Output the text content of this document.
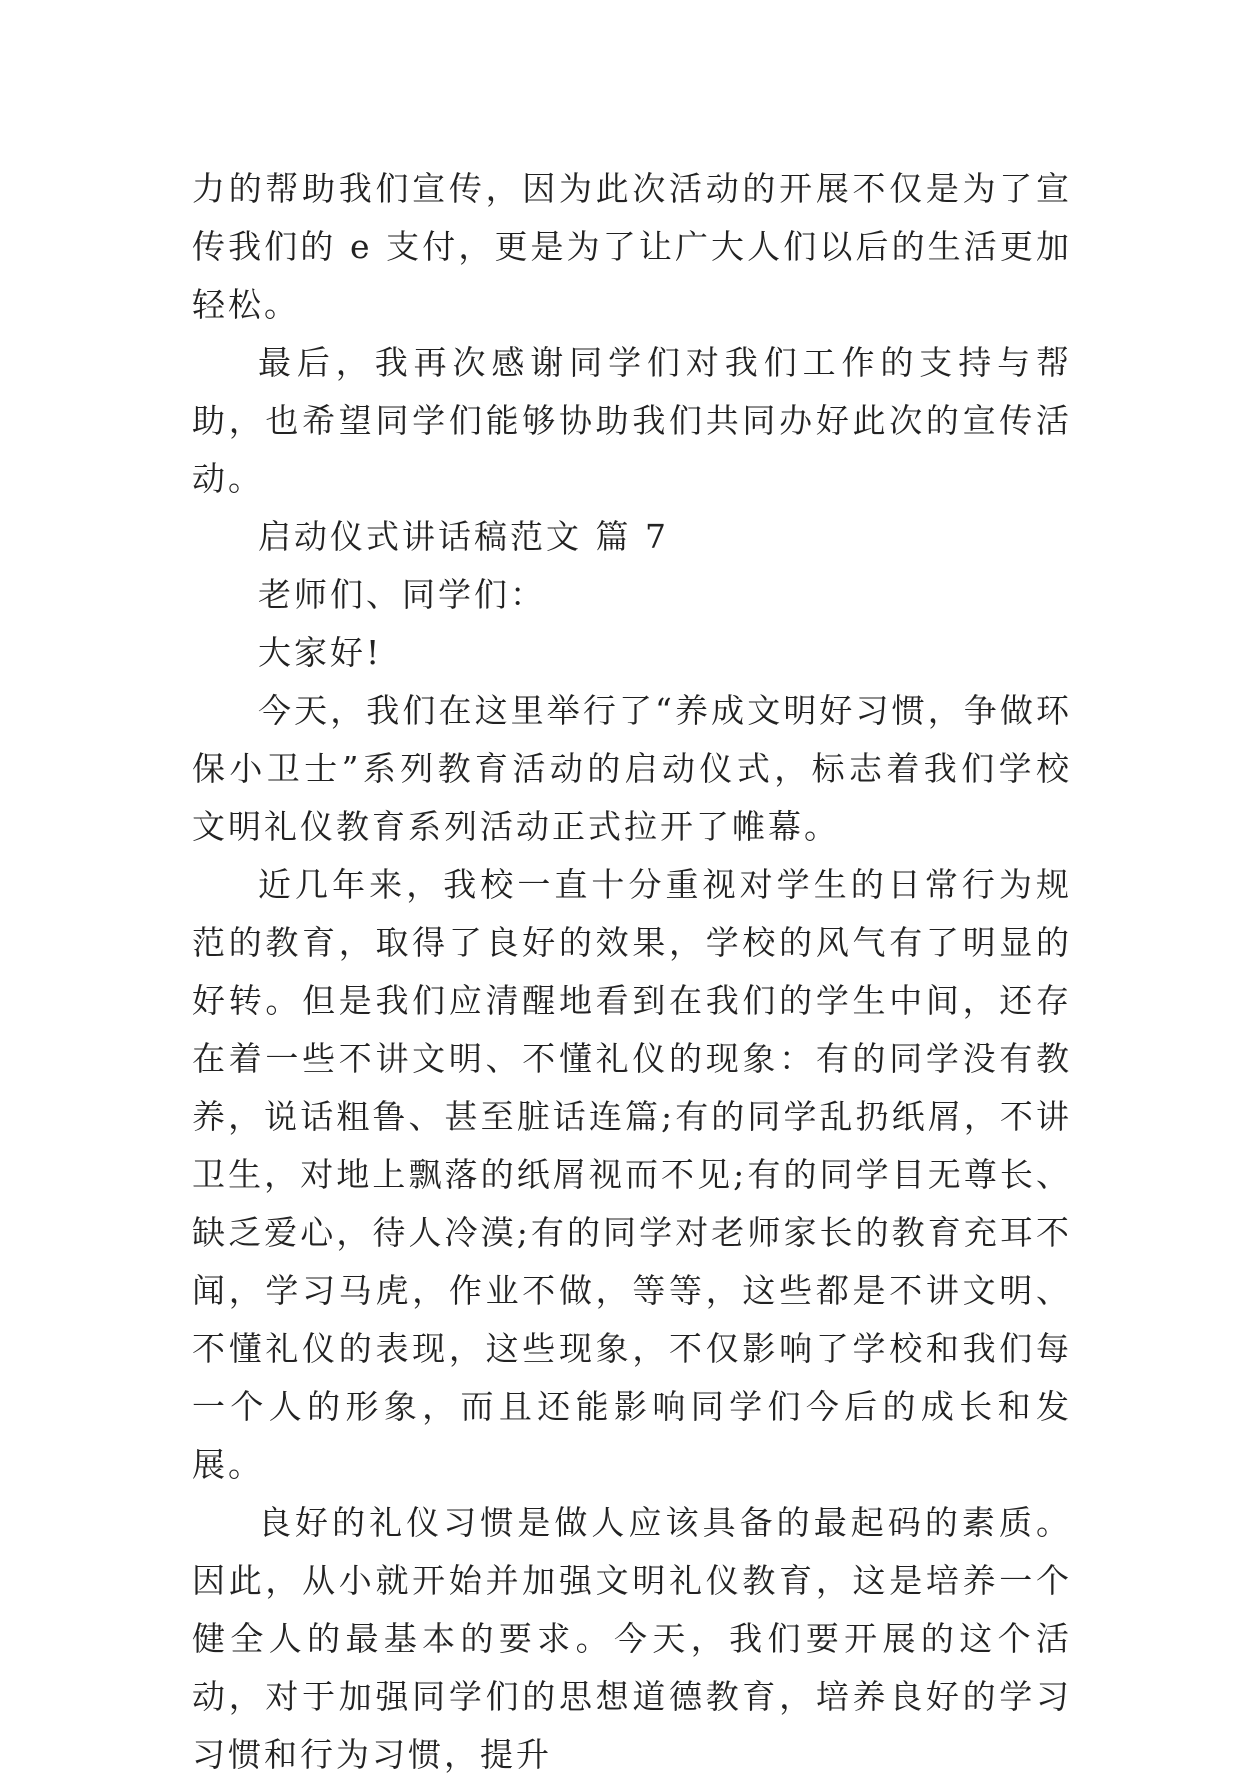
力的帮助我们宣传，因为此次活动的开展不仅是为了宣传我们的 e 支付，更是为了让广大人们以后的生活更加轻松。

最后，我再次感谢同学们对我们工作的支持与帮助，也希望同学们能够协助我们共同办好此次的宣传活动。

启动仪式讲话稿范文 篇 7

老师们、同学们：

大家好!

今天，我们在这里举行了“养成文明好习惯，争做环保小卫士”系列教育活动的启动仪式，标志着我们学校文明礼仪教育系列活动正式拉开了帷幕。

近几年来，我校一直十分重视对学生的日常行为规范的教育，取得了良好的效果，学校的风气有了明显的好转。但是我们应清醒地看到在我们的学生中间，还存在着一些不讲文明、不懂礼仪的现象：有的同学没有教养，说话粗鲁、甚至脏话连篇;有的同学乱扔纸屑，不讲卫生，对地上飘落的纸屑视而不见;有的同学目无尊长、缺乏爱心，待人冷漠;有的同学对老师家长的教育充耳不闻，学习马虎，作业不做，等等，这些都是不讲文明、不懂礼仪的表现，这些现象，不仅影响了学校和我们每一个人的形象，而且还能影响同学们今后的成长和发展。

良好的礼仪习惯是做人应该具备的最起码的素质。因此，从小就开始并加强文明礼仪教育，这是培养一个健全人的最基本的要求。今天，我们要开展的这个活动，对于加强同学们的思想道德教育，培养良好的学习习惯和行为习惯，提升
